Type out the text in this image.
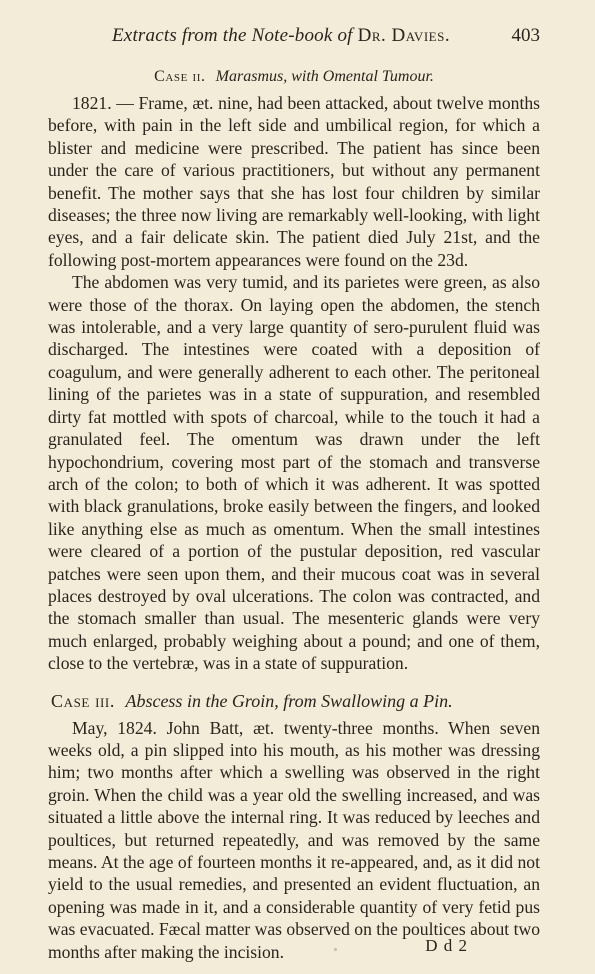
Extracts from the Note-book of Dr. Davies.	403
Case ii. Marasmus, with Omental Tumour.

1821. — Frame, æt. nine, had been attacked, about twelve months before, with pain in the left side and umbilical region, for which a blister and medicine were prescribed. The patient has since been under the care of various practitioners, but without any permanent benefit. The mother says that she has lost four children by similar diseases; the three now living are remarkably well-looking, with light eyes, and a fair delicate skin. The patient died July 21st, and the following post-mortem appearances were found on the 23d.

The abdomen was very tumid, and its parietes were green, as also were those of the thorax. On laying open the abdomen, the stench was intolerable, and a very large quantity of sero-purulent fluid was discharged. The intestines were coated with a deposition of coagulum, and were generally adherent to each other. The peritoneal lining of the parietes was in a state of suppuration, and resembled dirty fat mottled with spots of charcoal, while to the touch it had a granulated feel. The omentum was drawn under the left hypochondrium, covering most part of the stomach and transverse arch of the colon; to both of which it was adherent. It was spotted with black granulations, broke easily between the fingers, and looked like anything else as much as omentum. When the small intestines were cleared of a portion of the pustular deposition, red vascular patches were seen upon them, and their mucous coat was in several places destroyed by oval ulcerations. The colon was contracted, and the stomach smaller than usual. The mesenteric glands were very much enlarged, probably weighing about a pound; and one of them, close to the vertebræ, was in a state of suppuration.

Case iii. Abscess in the Groin, from Swallowing a Pin.

May, 1824. John Batt, æt. twenty-three months. When seven weeks old, a pin slipped into his mouth, as his mother was dressing him; two months after which a swelling was observed in the right groin. When the child was a year old the swelling increased, and was situated a little above the internal ring. It was reduced by leeches and poultices, but returned repeatedly, and was removed by the same means. At the age of fourteen months it re-appeared, and, as it did not yield to the usual remedies, and presented an evident fluctuation, an opening was made in it, and a considerable quantity of very fetid pus was evacuated. Fæcal matter was observed on the poultices about two months after making the incision.	D d 2
